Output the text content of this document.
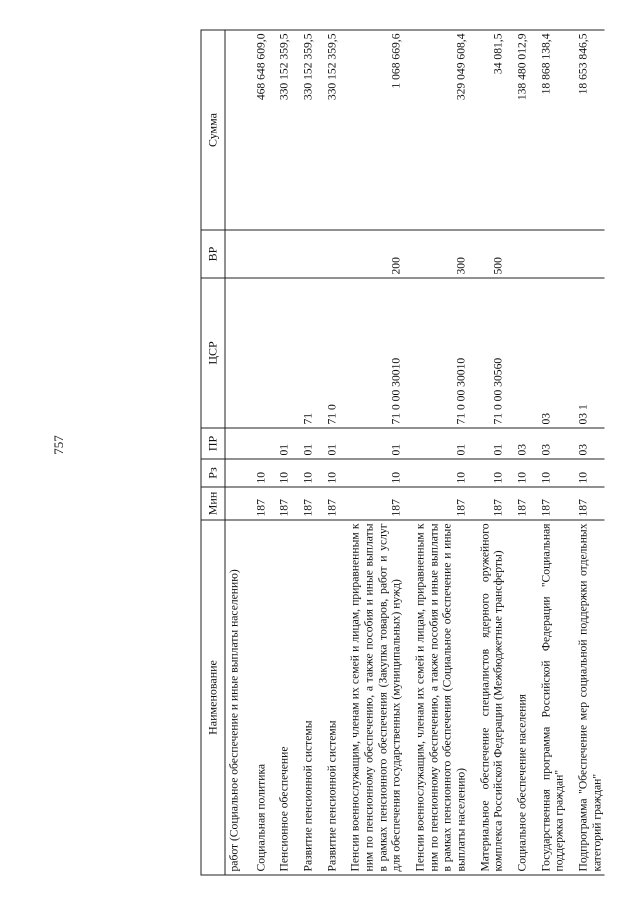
757
Наименование	Мин	Рз	ПР	ЦСР	ВР	Сумма
работ (Социальное обеспечение и иные выплаты населению)						
Социальная политика	187	10				468 648 609,0
Пенсионное обеспечение	187	10	01			330 152 359,5
Развитие пенсионной системы	187	10	01	71		330 152 359,5
Развитие пенсионной системы	187	10	01	71 0		330 152 359,5
Пенсии военнослужащим, членам их семей и лицам, приравненным к ним по пенсионному обеспечению, а также пособия и иные выплаты в рамках пенсионного обеспечения (Закупка товаров, работ и услуг для обеспечения государственных (муниципальных) нужд)	187	10	01	71 0 00 30010	200	1 068 669,6
Пенсии военнослужащим, членам их семей и лицам, приравненным к ним по пенсионному обеспечению, а также пособия и иные выплаты в рамках пенсионного обеспечения (Социальное обеспечение и иные выплаты населению)	187	10	01	71 0 00 30010	300	329 049 608,4
Материальное обеспечение специалистов ядерного оружейного комплекса Российской Федерации (Межбюджетные трансферты)	187	10	01	71 0 00 30560	500	34 081,5
Социальное обеспечение населения	187	10	03			138 480 012,9
Государственная программа Российской Федерации "Социальная поддержка граждан"	187	10	03	03		18 868 138,4
Подпрограмма "Обеспечение мер социальной поддержки отдельных категорий граждан"	187	10	03	03 1		18 653 846,5
